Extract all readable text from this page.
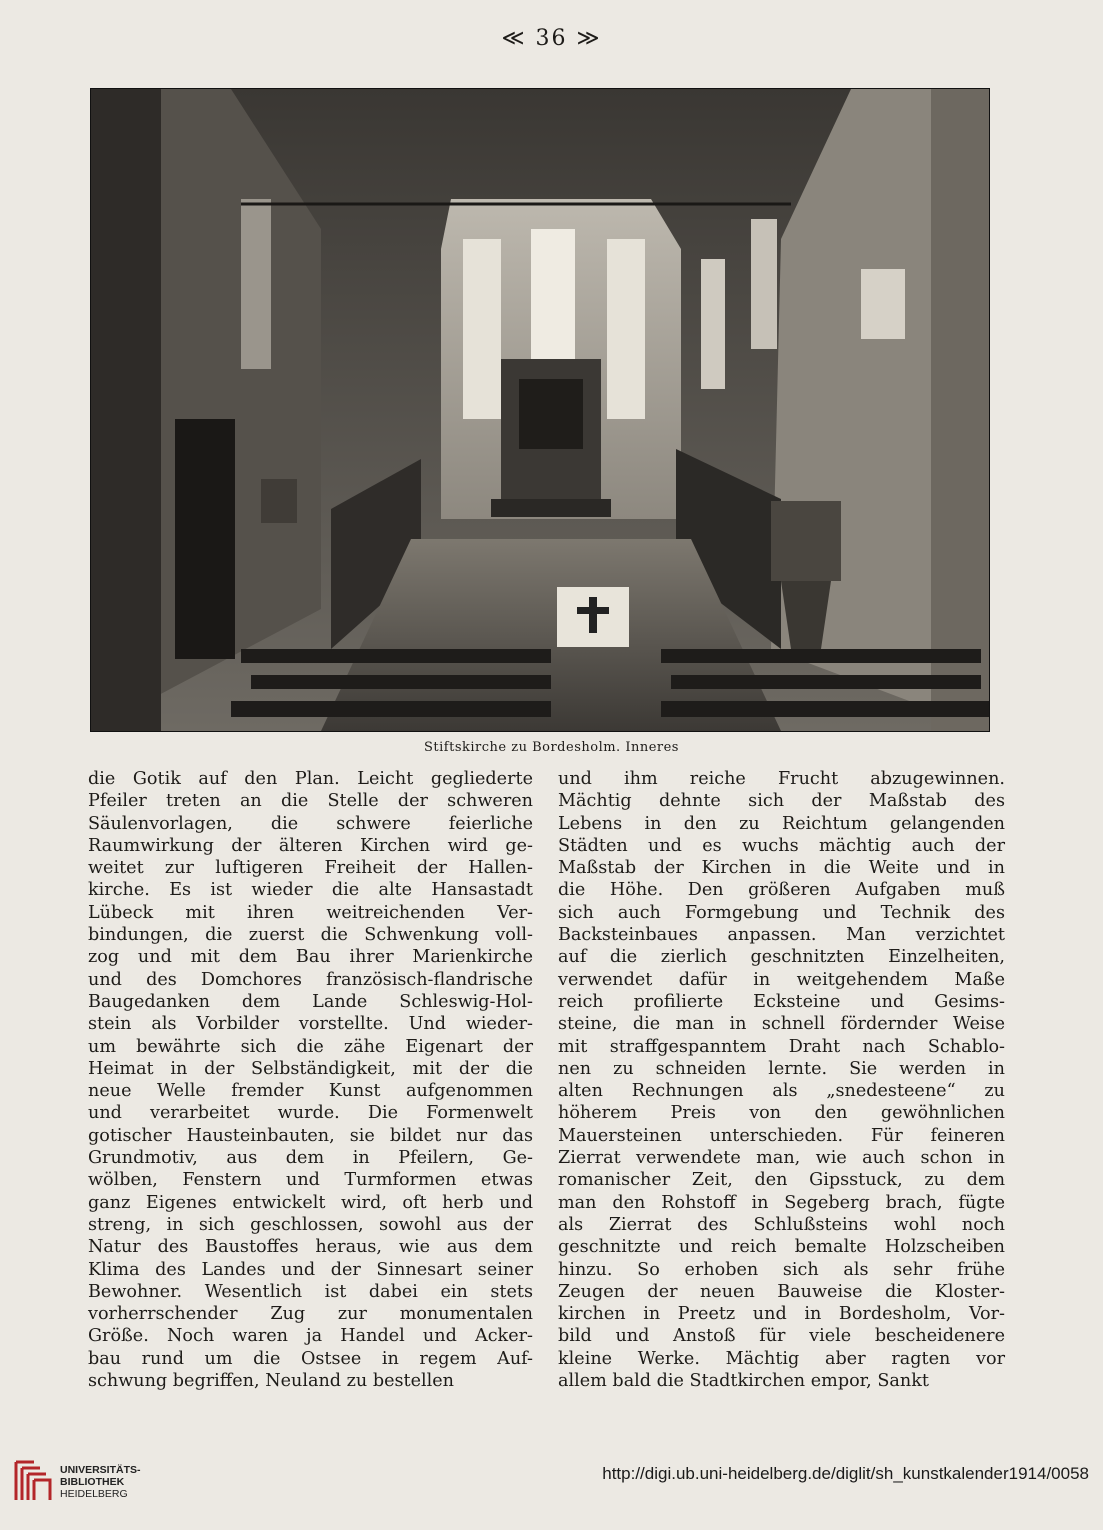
≪ 36 ≫
Stiftskirche zu Bordesholm. Inneres
die Gotik auf den Plan. Leicht gegliederte
Pfeiler treten an die Stelle der schweren
Säulenvorlagen, die schwere feierliche
Raumwirkung der älteren Kirchen wird ge-
weitet zur luftigeren Freiheit der Hallen-
kirche. Es ist wieder die alte Hansastadt
Lübeck mit ihren weitreichenden Ver-
bindungen, die zuerst die Schwenkung voll-
zog und mit dem Bau ihrer Marienkirche
und des Domchores französisch-flandrische
Baugedanken dem Lande Schleswig-Hol-
stein als Vorbilder vorstellte. Und wieder-
um bewährte sich die zähe Eigenart der
Heimat in der Selbständigkeit, mit der die
neue Welle fremder Kunst aufgenommen
und verarbeitet wurde. Die Formenwelt
gotischer Hausteinbauten, sie bildet nur das
Grundmotiv, aus dem in Pfeilern, Ge-
wölben, Fenstern und Turmformen etwas
ganz Eigenes entwickelt wird, oft herb und
streng, in sich geschlossen, sowohl aus der
Natur des Baustoffes heraus, wie aus dem
Klima des Landes und der Sinnesart seiner
Bewohner. Wesentlich ist dabei ein stets
vorherrschender Zug zur monumentalen
Größe. Noch waren ja Handel und Acker-
bau rund um die Ostsee in regem Auf-
schwung begriffen, Neuland zu bestellen
und ihm reiche Frucht abzugewinnen.
Mächtig dehnte sich der Maßstab des
Lebens in den zu Reichtum gelangenden
Städten und es wuchs mächtig auch der
Maßstab der Kirchen in die Weite und in
die Höhe. Den größeren Aufgaben muß
sich auch Formgebung und Technik des
Backsteinbaues anpassen. Man verzichtet
auf die zierlich geschnitzten Einzelheiten,
verwendet dafür in weitgehendem Maße
reich profilierte Ecksteine und Gesims-
steine, die man in schnell fördernder Weise
mit straffgespanntem Draht nach Schablo-
nen zu schneiden lernte. Sie werden in
alten Rechnungen als „snedesteene“ zu
höherem Preis von den gewöhnlichen
Mauersteinen unterschieden. Für feineren
Zierrat verwendete man, wie auch schon in
romanischer Zeit, den Gipsstuck, zu dem
man den Rohstoff in Segeberg brach, fügte
als Zierrat des Schlußsteins wohl noch
geschnitzte und reich bemalte Holzscheiben
hinzu. So erhoben sich als sehr frühe
Zeugen der neuen Bauweise die Kloster-
kirchen in Preetz und in Bordesholm, Vor-
bild und Anstoß für viele bescheidenere
kleine Werke. Mächtig aber ragten vor
allem bald die Stadtkirchen empor, Sankt
UNIVERSITÄTS-
BIBLIOTHEK
HEIDELBERG
http://digi.ub.uni-heidelberg.de/diglit/sh_kunstkalender1914/0058
